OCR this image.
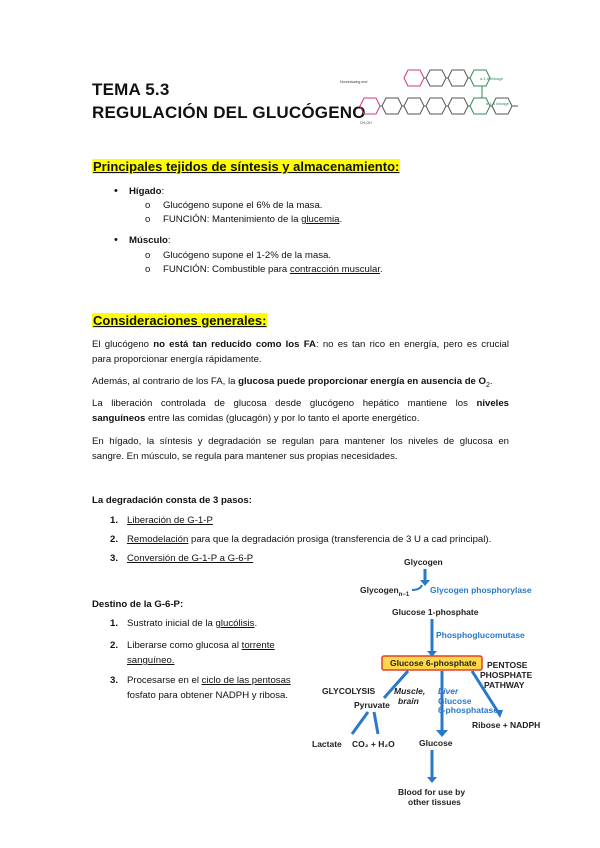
TEMA 5.3
REGULACIÓN DEL GLUCÓGENO
Nonreducing end
α-1,6 linkage
α-1,4 linkage
CH₂OH
Principales tejidos de síntesis y almacenamiento:
• Hígado:
o Glucógeno supone el 6% de la masa.
o FUNCIÓN: Mantenimiento de la glucemia.
• Músculo:
o Glucógeno supone el 1-2% de la masa.
o FUNCIÓN: Combustible para contracción muscular.
Consideraciones generales:
El glucógeno no está tan reducido como los FA: no es tan rico en energía, pero es crucial
para proporcionar energía rápidamente.
Además, al contrario de los FA, la glucosa puede proporcionar energía en ausencia de $O_2$.
La liberación controlada de glucosa desde glucógeno hepático mantiene los niveles
sanguíneos entre las comidas (glucagón) y por lo tanto el aporte energético.
En hígado, la síntesis y degradación se regulan para mantener los niveles de glucosa en
sangre. En músculo, se regula para mantener sus propias necesidades.
La degradación consta de 3 pasos:
1. Liberación de G-1-P
2. Remodelación para que la degradación prosiga (transferencia de 3 U a cad principal).
3. Conversión de G-1-P a G-6-P
Destino de la G-6-P:
1. Sustrato inicial de la glucólisis.
2. Liberarse como glucosa al torrente
sanguíneo.
3. Procesarse en el ciclo de las pentosas
fosfato para obtener NADPH y ribosa.
Glycogen
Glycogen$_{n-1}$ Glycogen phosphorylase
Glucose 1-phosphate
Phosphoglucomutase
Glucose 6-phosphate PENTOSE
PHOSPHATE
PATHWAY
GLYCOLYSIS Muscle,
brain
Liver
Glucose
6-phosphatase
Ribose + NADPH
Pyruvate
Lactate CO₂ + H₂O	Glucose
Blood for use by
other tissues
